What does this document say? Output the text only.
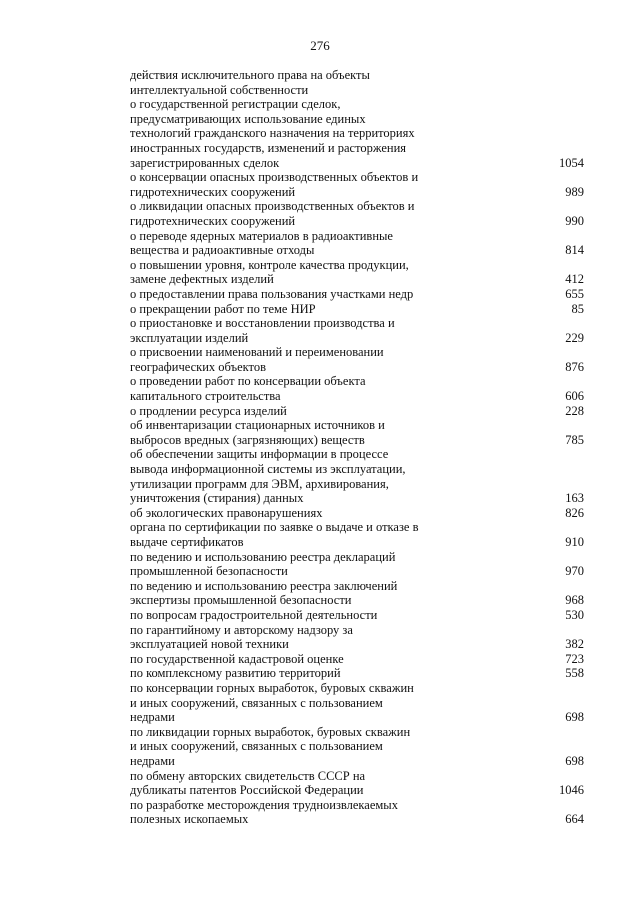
276
действия исключительного права на объекты
интеллектуальной собственности
о государственной регистрации сделок,
предусматривающих использование единых
технологий гражданского назначения на территориях
иностранных государств, изменений и расторжения
зарегистрированных сделок	1054
о консервации опасных производственных объектов и
гидротехнических сооружений	989
о ликвидации опасных производственных объектов и
гидротехнических сооружений	990
о переводе ядерных материалов в радиоактивные
вещества и радиоактивные отходы	814
о повышении уровня, контроле качества продукции,
замене дефектных изделий	412
о предоставлении права пользования участками недр	655
о прекращении работ по теме НИР	85
о приостановке и восстановлении производства и
эксплуатации изделий	229
о присвоении наименований и переименовании
географических объектов	876
о проведении работ по консервации объекта
капитального строительства	606
о продлении ресурса изделий	228
об инвентаризации стационарных источников и
выбросов вредных (загрязняющих) веществ	785
об обеспечении защиты информации в процессе
вывода информационной системы из эксплуатации,
утилизации программ для ЭВМ, архивирования,
уничтожения (стирания) данных	163
об экологических правонарушениях	826
органа по сертификации по заявке о выдаче и отказе в
выдаче сертификатов	910
по ведению и использованию реестра деклараций
промышленной безопасности	970
по ведению и использованию реестра заключений
экспертизы промышленной безопасности	968
по вопросам градостроительной деятельности	530
по гарантийному и авторскому надзору за
эксплуатацией новой техники	382
по государственной кадастровой оценке	723
по комплексному развитию территорий	558
по консервации горных выработок, буровых скважин
и иных сооружений, связанных с пользованием
недрами	698
по ликвидации горных выработок, буровых скважин
и иных сооружений, связанных с пользованием
недрами	698
по обмену авторских свидетельств СССР на
дубликаты патентов Российской Федерации	1046
по разработке месторождения трудноизвлекаемых
полезных ископаемых	664
